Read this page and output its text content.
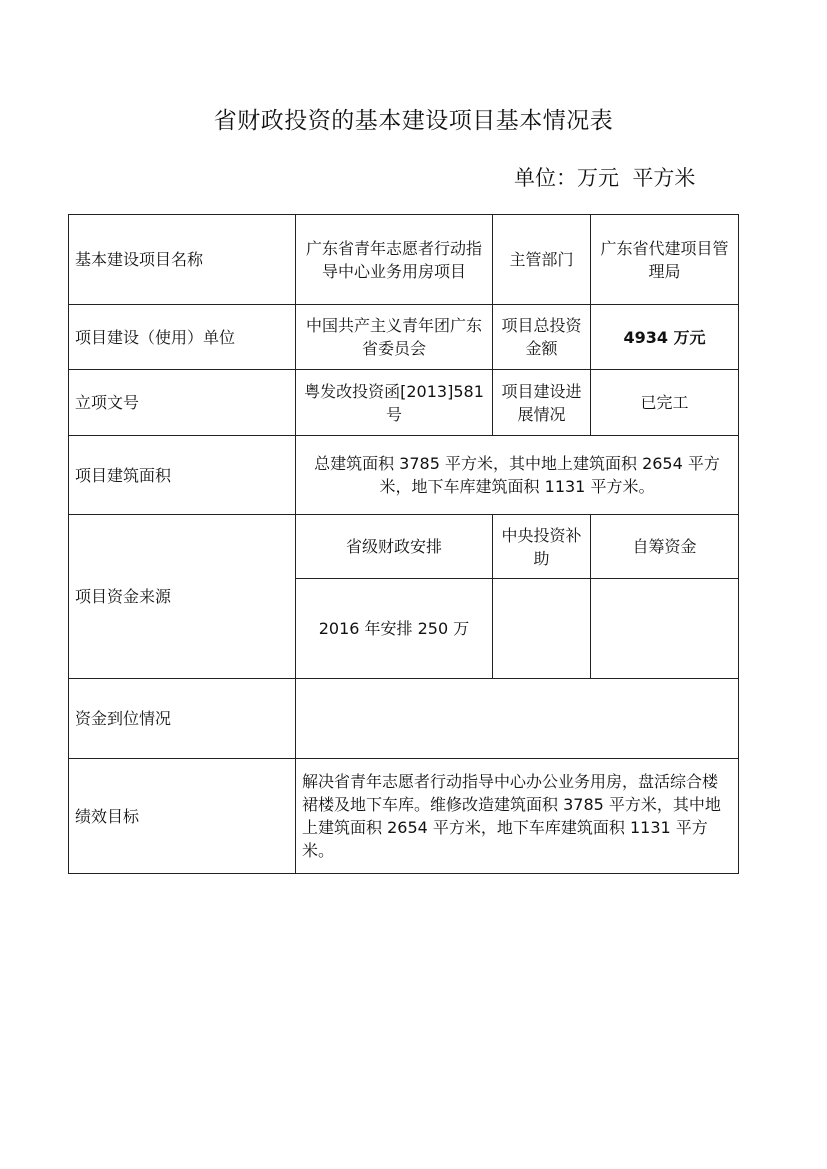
省财政投资的基本建设项目基本情况表
单位：万元  平方米
基本建设项目名称	广东省青年志愿者行动指导中心业务用房项目	主管部门	广东省代建项目管理局
项目建设（使用）单位	中国共产主义青年团广东省委员会	项目总投资金额	4934 万元
立项文号	粤发改投资函[2013]581 号	项目建设进展情况	已完工
项目建筑面积	总建筑面积 3785 平方米，其中地上建筑面积 2654 平方米，地下车库建筑面积 1131 平方米。		
项目资金来源	省级财政安排	中央投资补助	自筹资金
	2016 年安排 250 万		
资金到位情况			
绩效目标	解决省青年志愿者行动指导中心办公业务用房，盘活综合楼裙楼及地下车库。维修改造建筑面积 3785 平方米，其中地上建筑面积 2654 平方米，地下车库建筑面积 1131 平方米。		
